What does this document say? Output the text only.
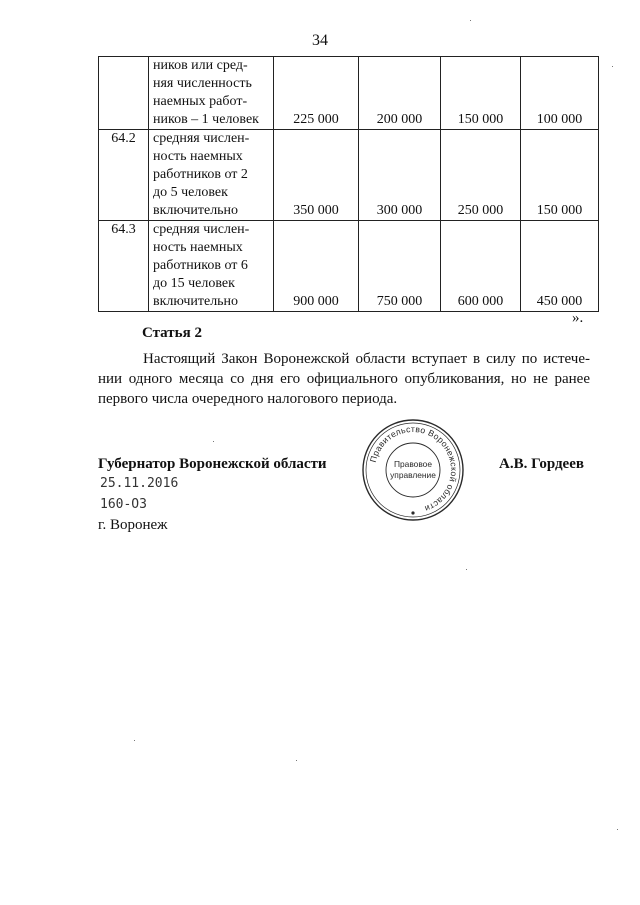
34

	ников или сред-
няя численность
наемных работ-
ников – 1 человек	225 000	200 000	150 000	100 000
64.2	средняя числен-
ность наемных
работников от 2
до 5 человек
включительно	350 000	300 000	250 000	150 000
64.3	средняя числен-
ность наемных
работников от 6
до 15 человек
включительно	900 000	750 000	600 000	450 000
».
Статья 2
Настоящий Закон Воронежской области вступает в силу по истече-
нии одного месяца со дня его официального опубликования, но не ранее
первого числа очередного налогового периода.
Губернатор Воронежской области	А.В. Гордеев
25.11.2016
160-ОЗ
г. Воронеж
Правительство Воронежской области
Правовое
управление
